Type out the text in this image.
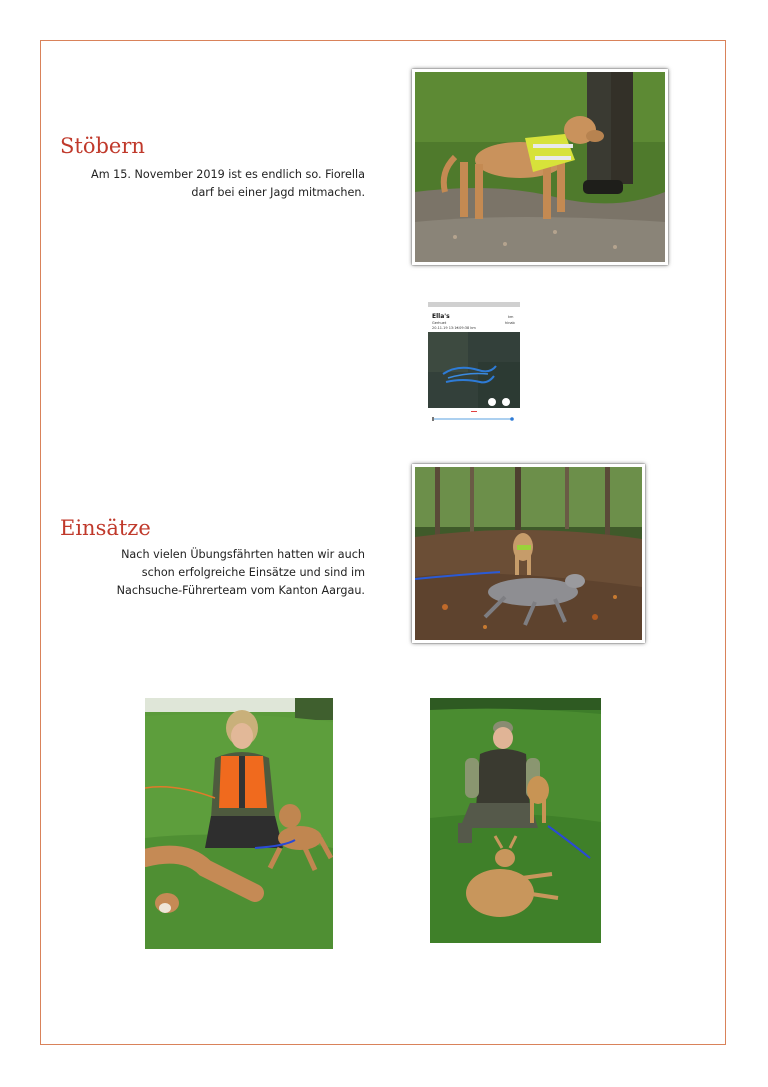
Stöbern
Am 15. November 2019 ist es endlich so. Fiorella
darf bei einer Jagd mitmachen.
Ella's
Gerhuet
20.11.19 13:14
• 09:38 km
km
hinab
Einsätze
Nach vielen Übungsfährten hatten wir auch
schon erfolgreiche Einsätze und sind im
Nachsuche-Führerteam vom Kanton Aargau.
